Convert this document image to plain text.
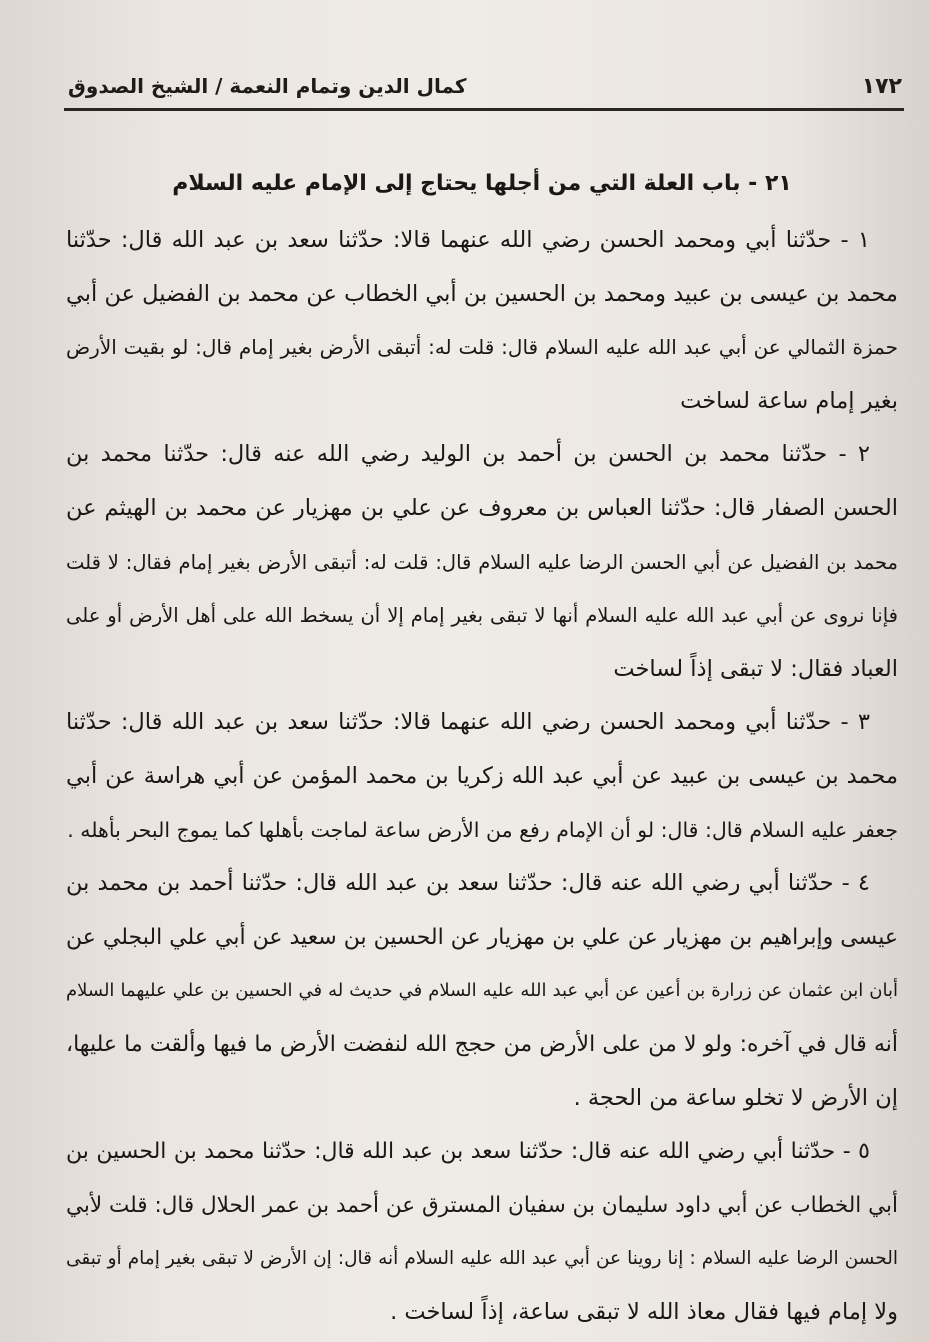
١٧٢
كمال الدين وتمام النعمة / الشيخ الصدوق
٢١ - باب العلة التي من أجلها يحتاج إلى الإمام عليه السلام
١ - حدّثنا أبي ومحمد الحسن رضي الله عنهما قالا: حدّثنا سعد بن عبد الله قال: حدّثنا
محمد بن عيسى بن عبيد ومحمد بن الحسين بن أبي الخطاب عن محمد بن الفضيل عن أبي
حمزة الثمالي عن أبي عبد الله عليه السلام قال: قلت له: أتبقى الأرض بغير إمام قال: لو بقيت الأرض
بغير إمام ساعة لساخت
٢ - حدّثنا محمد بن الحسن بن أحمد بن الوليد رضي الله عنه قال: حدّثنا محمد بن
الحسن الصفار قال: حدّثنا العباس بن معروف عن علي بن مهزيار عن محمد بن الهيثم عن
محمد بن الفضيل عن أبي الحسن الرضا عليه السلام قال: قلت له: أتبقى الأرض بغير إمام فقال: لا قلت
فإنا نروى عن أبي عبد الله عليه السلام أنها لا تبقى بغير إمام إلا أن يسخط الله على أهل الأرض أو على
العباد فقال: لا تبقى إذاً لساخت
٣ - حدّثنا أبي ومحمد الحسن رضي الله عنهما قالا: حدّثنا سعد بن عبد الله قال: حدّثنا
محمد بن عيسى بن عبيد عن أبي عبد الله زكريا بن محمد المؤمن عن أبي هراسة عن أبي
جعفر عليه السلام قال: قال: لو أن الإمام رفع من الأرض ساعة لماجت بأهلها كما يموج البحر بأهله .
٤ - حدّثنا أبي رضي الله عنه قال: حدّثنا سعد بن عبد الله قال: حدّثنا أحمد بن محمد بن
عيسى وإبراهيم بن مهزيار عن علي بن مهزيار عن الحسين بن سعيد عن أبي علي البجلي عن
أبان ابن عثمان عن زرارة بن أعين عن أبي عبد الله عليه السلام في حديث له في الحسين بن علي عليهما السلام
أنه قال في آخره: ولو لا من على الأرض من حجج الله لنفضت الأرض ما فيها وألقت ما عليها،
إن الأرض لا تخلو ساعة من الحجة .
٥ - حدّثنا أبي رضي الله عنه قال: حدّثنا سعد بن عبد الله قال: حدّثنا محمد بن الحسين بن
أبي الخطاب عن أبي داود سليمان بن سفيان المسترق عن أحمد بن عمر الحلال قال: قلت لأبي
الحسن الرضا عليه السلام : إنا روينا عن أبي عبد الله عليه السلام أنه قال: إن الأرض لا تبقى بغير إمام أو تبقى
ولا إمام فيها فقال معاذ الله لا تبقى ساعة، إذاً لساخت .
